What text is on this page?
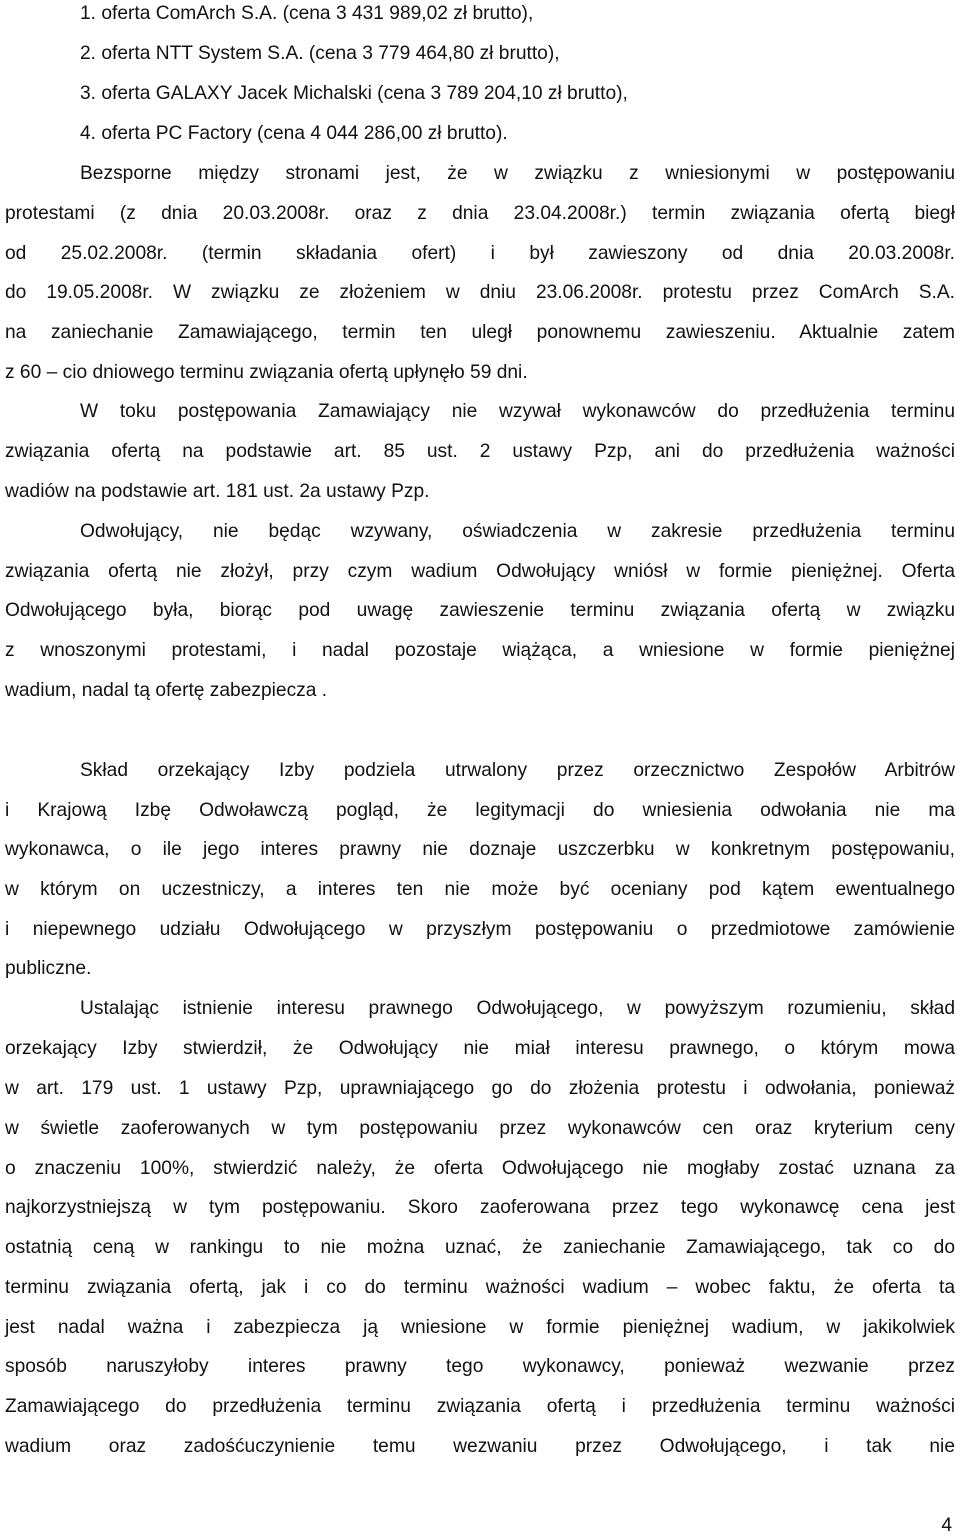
1. oferta ComArch S.A. (cena 3 431 989,02 zł brutto),
2. oferta NTT System S.A. (cena 3 779 464,80 zł brutto),
3. oferta GALAXY Jacek Michalski (cena 3 789 204,10 zł brutto),
4. oferta PC Factory (cena 4 044 286,00 zł brutto).
Bezsporne między stronami jest, że w związku z wniesionymi w postępowaniu
protestami (z dnia 20.03.2008r. oraz z dnia 23.04.2008r.) termin związania ofertą biegł
od 25.02.2008r. (termin składania ofert) i był zawieszony od dnia 20.03.2008r.
do 19.05.2008r. W związku ze złożeniem w dniu 23.06.2008r. protestu przez ComArch S.A.
na zaniechanie Zamawiającego, termin ten uległ ponownemu zawieszeniu. Aktualnie zatem
z 60 – cio dniowego terminu związania ofertą upłynęło 59 dni.
W toku postępowania Zamawiający nie wzywał wykonawców do przedłużenia terminu
związania ofertą na podstawie art. 85 ust. 2 ustawy Pzp, ani do przedłużenia ważności
wadiów na podstawie art. 181 ust. 2a ustawy Pzp.
Odwołujący, nie będąc wzywany, oświadczenia w zakresie przedłużenia terminu
związania ofertą nie złożył, przy czym wadium Odwołujący wniósł w formie pieniężnej. Oferta
Odwołującego była, biorąc pod uwagę zawieszenie terminu związania ofertą w związku
z wnoszonymi protestami, i nadal pozostaje wiążąca, a wniesione w formie pieniężnej
wadium, nadal tą ofertę zabezpiecza .
Skład orzekający Izby podziela utrwalony przez orzecznictwo Zespołów Arbitrów
i Krajową Izbę Odwoławczą pogląd, że legitymacji do wniesienia odwołania nie ma
wykonawca, o ile jego interes prawny nie doznaje uszczerbku w konkretnym postępowaniu,
w którym on uczestniczy, a interes ten nie może być oceniany pod kątem ewentualnego
i niepewnego udziału Odwołującego w przyszłym postępowaniu o przedmiotowe zamówienie
publiczne.
Ustalając istnienie interesu prawnego Odwołującego, w powyższym rozumieniu, skład
orzekający Izby stwierdził, że Odwołujący nie miał interesu prawnego, o którym mowa
w art. 179 ust. 1 ustawy Pzp, uprawniającego go do złożenia protestu i odwołania, ponieważ
w świetle zaoferowanych w tym postępowaniu przez wykonawców cen oraz kryterium ceny
o znaczeniu 100%, stwierdzić należy, że oferta Odwołującego nie mogłaby zostać uznana za
najkorzystniejszą w tym postępowaniu. Skoro zaoferowana przez tego wykonawcę cena jest
ostatnią ceną w rankingu to nie można uznać, że zaniechanie Zamawiającego, tak co do
terminu związania ofertą, jak i co do terminu ważności wadium – wobec faktu, że oferta ta
jest nadal ważna i zabezpiecza ją wniesione w formie pieniężnej wadium, w jakikolwiek
sposób naruszyłoby interes prawny tego wykonawcy, ponieważ wezwanie przez
Zamawiającego do przedłużenia terminu związania ofertą i przedłużenia terminu ważności
wadium oraz zadośćuczynienie temu wezwaniu przez Odwołującego, i tak nie
4
